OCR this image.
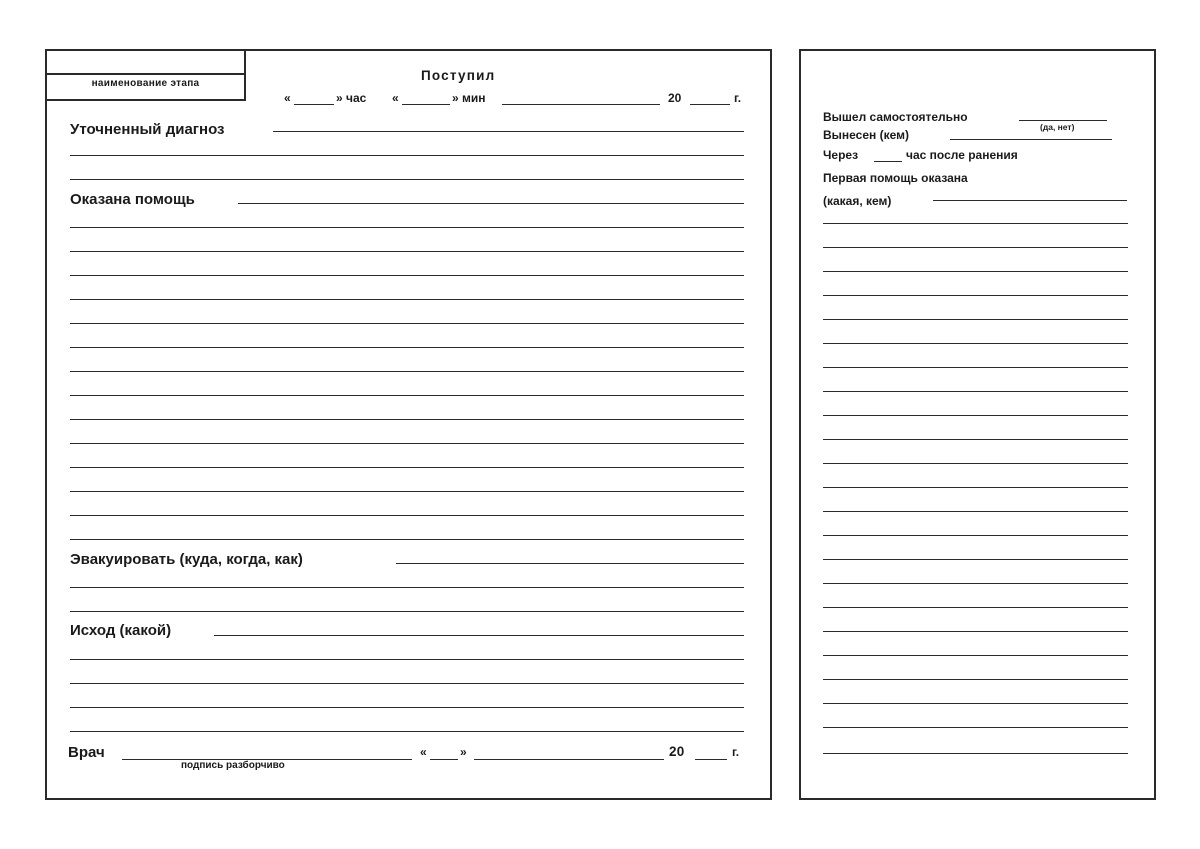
наименование этапа
Поступил
«	» час «	» мин	20	г.
Уточненный диагноз
Оказана помощь
Эвакуировать (куда, когда, как)
Исход (какой)
Врач
подпись разборчиво
«	»	20	г.
Вышел самостоятельно
(да, нет)
Вынесен (кем)
Через	час после ранения
Первая помощь оказана
(какая, кем)
